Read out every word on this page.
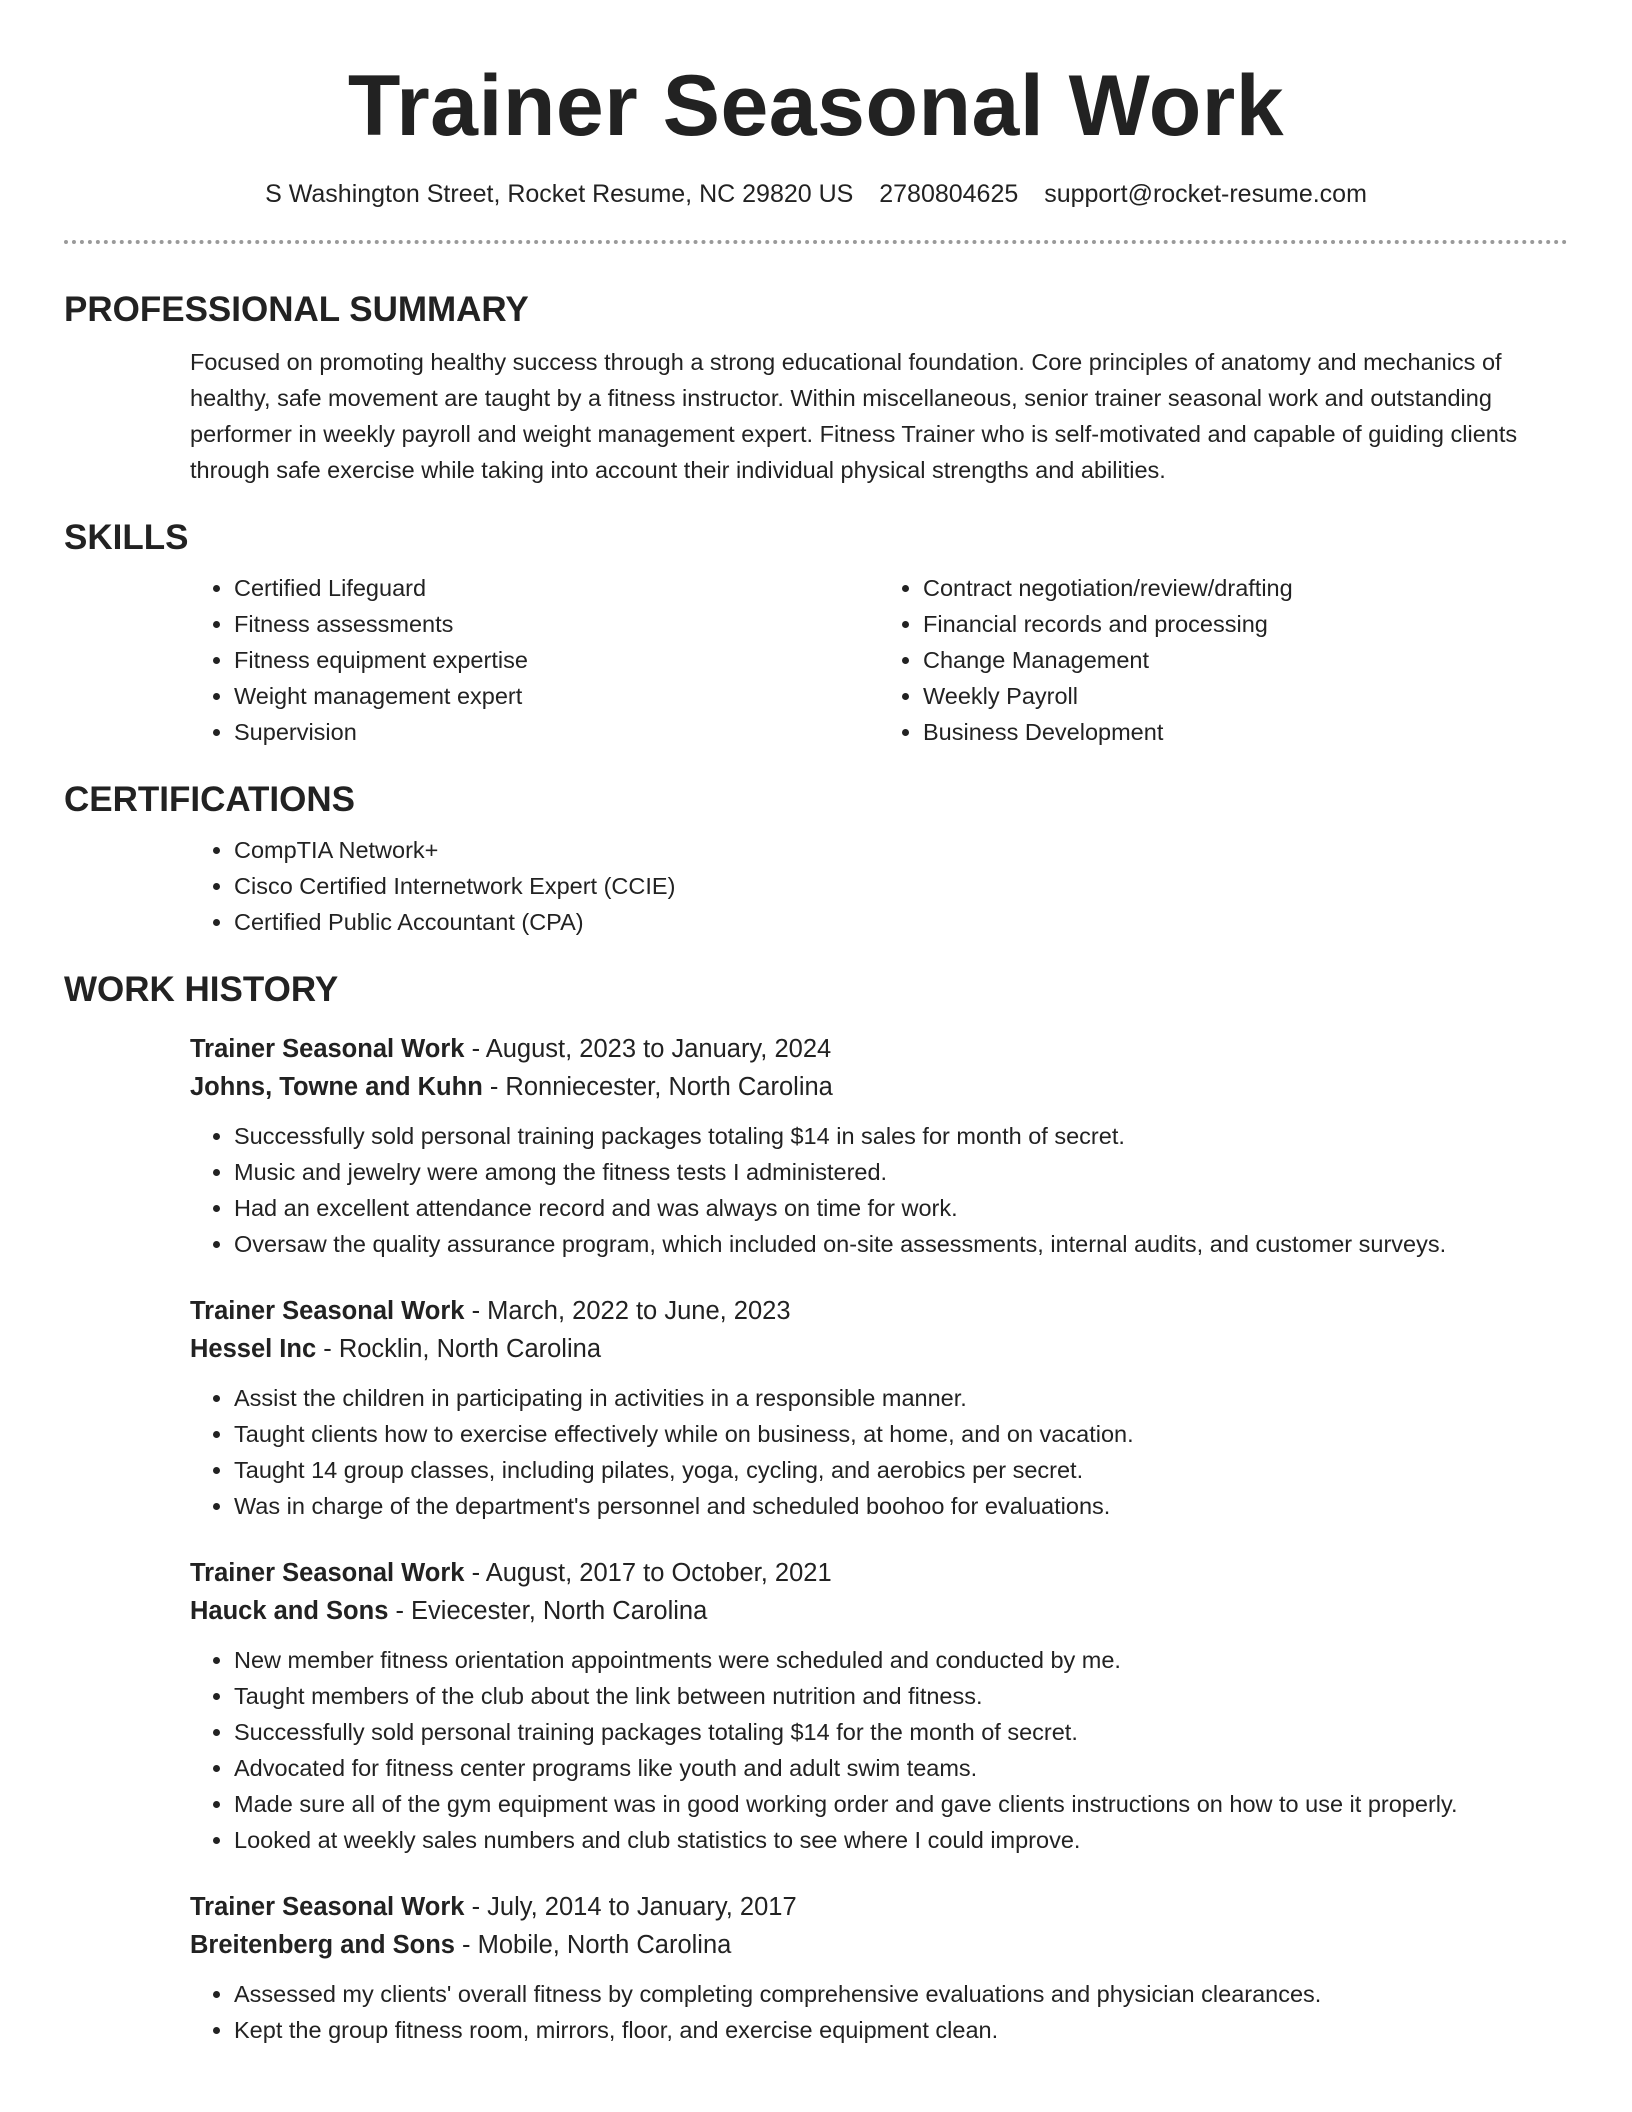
Trainer Seasonal Work
S Washington Street, Rocket Resume, NC 29820 US 2780804625 support@rocket-resume.com
PROFESSIONAL SUMMARY

Focused on promoting healthy success through a strong educational foundation. Core principles of anatomy and mechanics of healthy, safe movement are taught by a fitness instructor. Within miscellaneous, senior trainer seasonal work and outstanding performer in weekly payroll and weight management expert. Fitness Trainer who is self-motivated and capable of guiding clients through safe exercise while taking into account their individual physical strengths and abilities.

SKILLS
• Certified Lifeguard
• Fitness assessments
• Fitness equipment expertise
• Weight management expert
• Supervision
• Contract negotiation/review/drafting
• Financial records and processing
• Change Management
• Weekly Payroll
• Business Development
CERTIFICATIONS
• CompTIA Network+
• Cisco Certified Internetwork Expert (CCIE)
• Certified Public Accountant (CPA)
WORK HISTORY
Trainer Seasonal Work - August, 2023 to January, 2024
Johns, Towne and Kuhn - Ronniecester, North Carolina
• Successfully sold personal training packages totaling $14 in sales for month of secret.
• Music and jewelry were among the fitness tests I administered.
• Had an excellent attendance record and was always on time for work.
• Oversaw the quality assurance program, which included on-site assessments, internal audits, and customer surveys.
Trainer Seasonal Work - March, 2022 to June, 2023
Hessel Inc - Rocklin, North Carolina
• Assist the children in participating in activities in a responsible manner.
• Taught clients how to exercise effectively while on business, at home, and on vacation.
• Taught 14 group classes, including pilates, yoga, cycling, and aerobics per secret.
• Was in charge of the department's personnel and scheduled boohoo for evaluations.
Trainer Seasonal Work - August, 2017 to October, 2021
Hauck and Sons - Eviecester, North Carolina
• New member fitness orientation appointments were scheduled and conducted by me.
• Taught members of the club about the link between nutrition and fitness.
• Successfully sold personal training packages totaling $14 for the month of secret.
• Advocated for fitness center programs like youth and adult swim teams.
• Made sure all of the gym equipment was in good working order and gave clients instructions on how to use it properly.
• Looked at weekly sales numbers and club statistics to see where I could improve.
Trainer Seasonal Work - July, 2014 to January, 2017
Breitenberg and Sons - Mobile, North Carolina
• Assessed my clients' overall fitness by completing comprehensive evaluations and physician clearances.
• Kept the group fitness room, mirrors, floor, and exercise equipment clean.
